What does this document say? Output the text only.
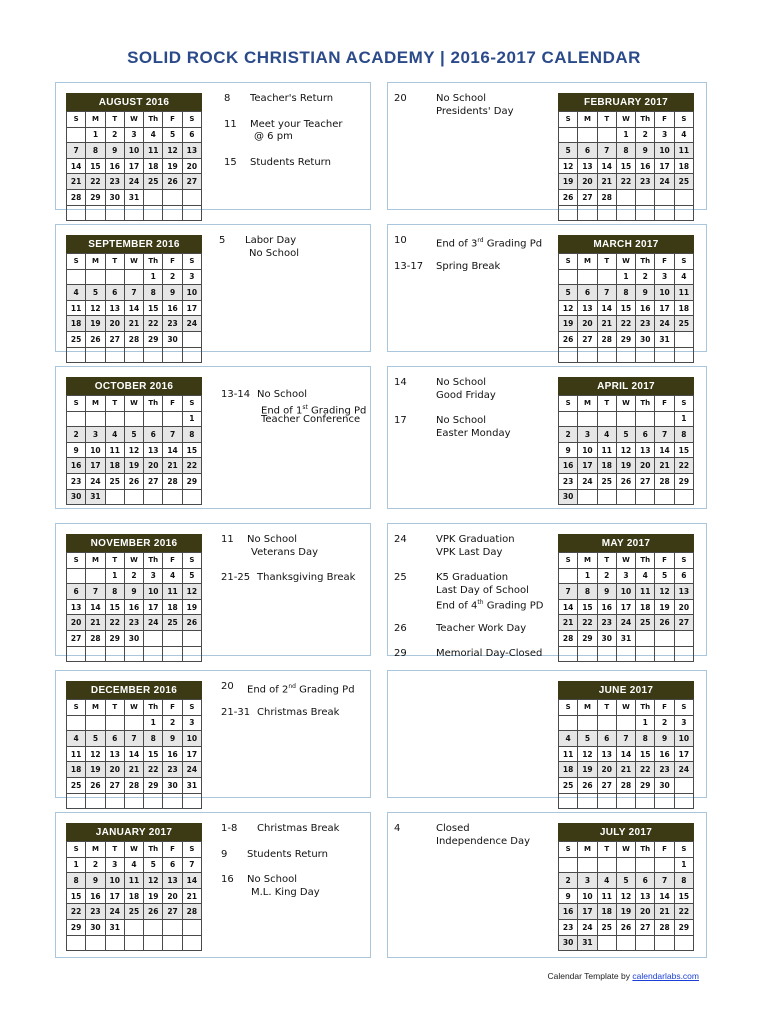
SOLID ROCK CHRISTIAN ACADEMY | 2016-2017 CALENDAR
AUGUST 2016
S	M	T	W	Th	F	S
	1	2	3	4	5	6
7	8	9	10	11	12	13
14	15	16	17	18	19	20
21	22	23	24	25	26	27
28	29	30	31			

8 Teacher's Return
11 Meet your Teacher
@ 6 pm
15 Students Return
SEPTEMBER 2016
S	M	T	W	Th	F	S
				1	2	3
4	5	6	7	8	9	10
11	12	13	14	15	16	17
18	19	20	21	22	23	24
25	26	27	28	29	30	

5 Labor Day
No School
OCTOBER 2016
S	M	T	W	Th	F	S
						1
2	3	4	5	6	7	8
9	10	11	12	13	14	15
16	17	18	19	20	21	22
23	24	25	26	27	28	29
30	31					
13-14 No School
End of 1st Grading Pd
Teacher Conference
NOVEMBER 2016
S	M	T	W	Th	F	S
		1	2	3	4	5
6	7	8	9	10	11	12
13	14	15	16	17	18	19
20	21	22	23	24	25	26
27	28	29	30			

11 No School
Veterans Day
21-25 Thanksgiving Break
DECEMBER 2016
S	M	T	W	Th	F	S
				1	2	3
4	5	6	7	8	9	10
11	12	13	14	15	16	17
18	19	20	21	22	23	24
25	26	27	28	29	30	31

20 End of 2nd Grading Pd
21-31 Christmas Break
JANUARY 2017
S	M	T	W	Th	F	S
1	2	3	4	5	6	7
8	9	10	11	12	13	14
15	16	17	18	19	20	21
22	23	24	25	26	27	28
29	30	31				

1-8 Christmas Break
9 Students Return
16 No School
M.L. King Day
FEBRUARY 2017
S	M	T	W	Th	F	S
			1	2	3	4
5	6	7	8	9	10	11
12	13	14	15	16	17	18
19	20	21	22	23	24	25
26	27	28				

20	No School
Presidents' Day
MARCH 2017
S	M	T	W	Th	F	S
			1	2	3	4
5	6	7	8	9	10	11
12	13	14	15	16	17	18
19	20	21	22	23	24	25
26	27	28	29	30	31	

10	End of 3rd Grading Pd
13-17 Spring Break
APRIL 2017
S	M	T	W	Th	F	S
						1
2	3	4	5	6	7	8
9	10	11	12	13	14	15
16	17	18	19	20	21	22
23	24	25	26	27	28	29
30						
14	No School
Good Friday
17	No School
Easter Monday
MAY 2017
S	M	T	W	Th	F	S
	1	2	3	4	5	6
7	8	9	10	11	12	13
14	15	16	17	18	19	20
21	22	23	24	25	26	27
28	29	30	31			

24	VPK Graduation
VPK Last Day
25	K5 Graduation
Last Day of School
End of 4th Grading PD
26	Teacher Work Day
29	Memorial Day-Closed
JUNE 2017
S	M	T	W	Th	F	S
				1	2	3
4	5	6	7	8	9	10
11	12	13	14	15	16	17
18	19	20	21	22	23	24
25	26	27	28	29	30	

JULY 2017
S	M	T	W	Th	F	S
						1
2	3	4	5	6	7	8
9	10	11	12	13	14	15
16	17	18	19	20	21	22
23	24	25	26	27	28	29
30	31					
4	Closed
Independence Day
Calendar Template by calendarlabs.com
